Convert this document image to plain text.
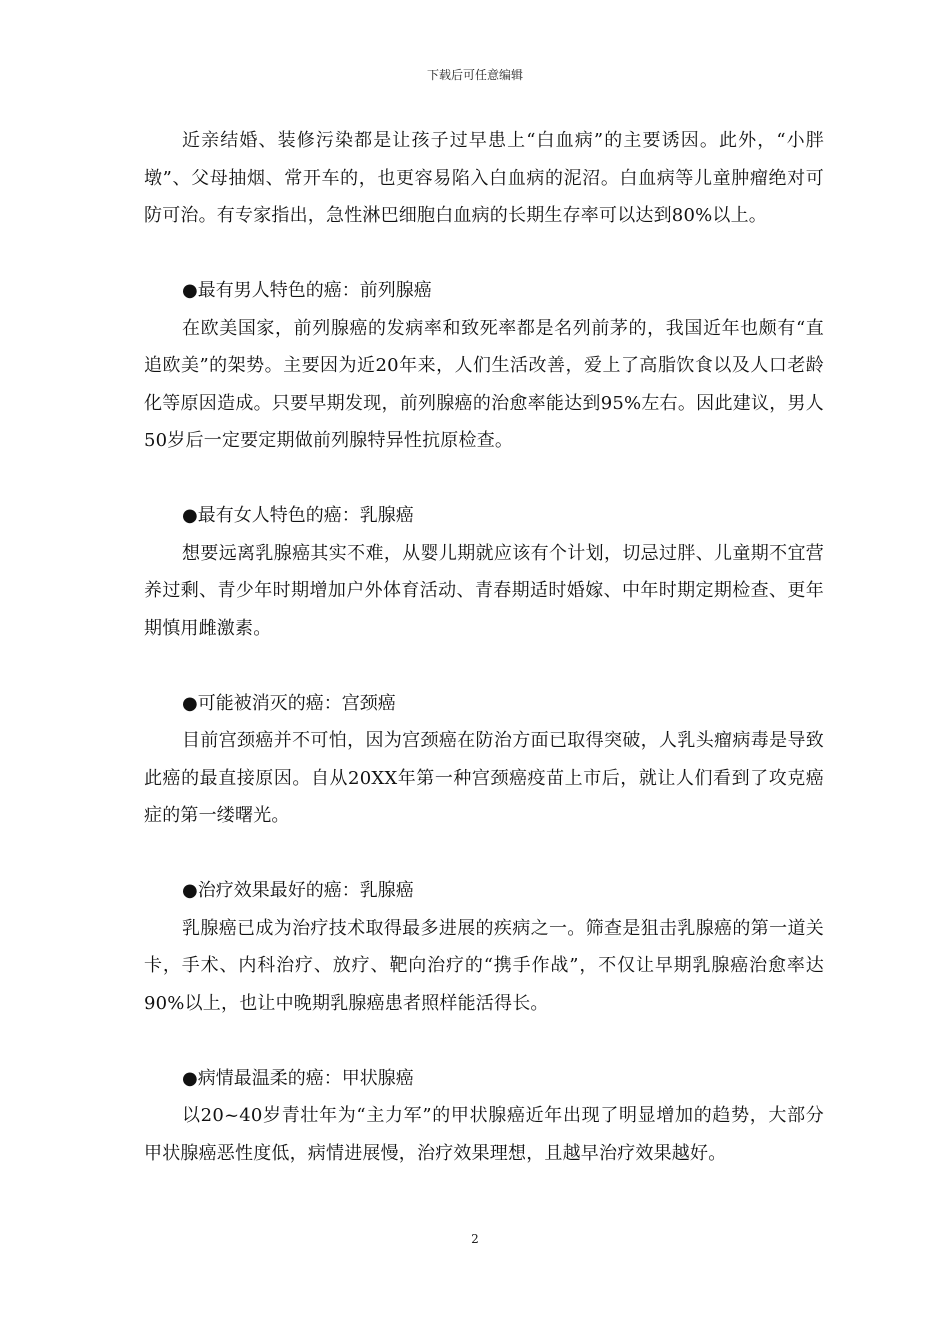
下载后可任意编辑

近亲结婚、装修污染都是让孩子过早患上“白血病”的主要诱因。此外，“小胖墩”、父母抽烟、常开车的，也更容易陷入白血病的泥沼。白血病等儿童肿瘤绝对可防可治。有专家指出，急性淋巴细胞白血病的长期生存率可以达到80%以上。

●最有男人特色的癌：前列腺癌

在欧美国家，前列腺癌的发病率和致死率都是名列前茅的，我国近年也颇有“直追欧美”的架势。主要因为近20年来，人们生活改善，爱上了高脂饮食以及人口老龄化等原因造成。只要早期发现，前列腺癌的治愈率能达到95%左右。因此建议，男人50岁后一定要定期做前列腺特异性抗原检查。

●最有女人特色的癌：乳腺癌

想要远离乳腺癌其实不难，从婴儿期就应该有个计划，切忌过胖、儿童期不宜营养过剩、青少年时期增加户外体育活动、青春期适时婚嫁、中年时期定期检查、更年期慎用雌激素。

●可能被消灭的癌：宫颈癌

目前宫颈癌并不可怕，因为宫颈癌在防治方面已取得突破，人乳头瘤病毒是导致此癌的最直接原因。自从20XX年第一种宫颈癌疫苗上市后，就让人们看到了攻克癌症的第一缕曙光。

●治疗效果最好的癌：乳腺癌

乳腺癌已成为治疗技术取得最多进展的疾病之一。筛查是狙击乳腺癌的第一道关卡，手术、内科治疗、放疗、靶向治疗的“携手作战”，不仅让早期乳腺癌治愈率达90%以上，也让中晚期乳腺癌患者照样能活得长。

●病情最温柔的癌：甲状腺癌

以20~40岁青壮年为“主力军”的甲状腺癌近年出现了明显增加的趋势，大部分甲状腺癌恶性度低，病情进展慢，治疗效果理想，且越早治疗效果越好。

2
